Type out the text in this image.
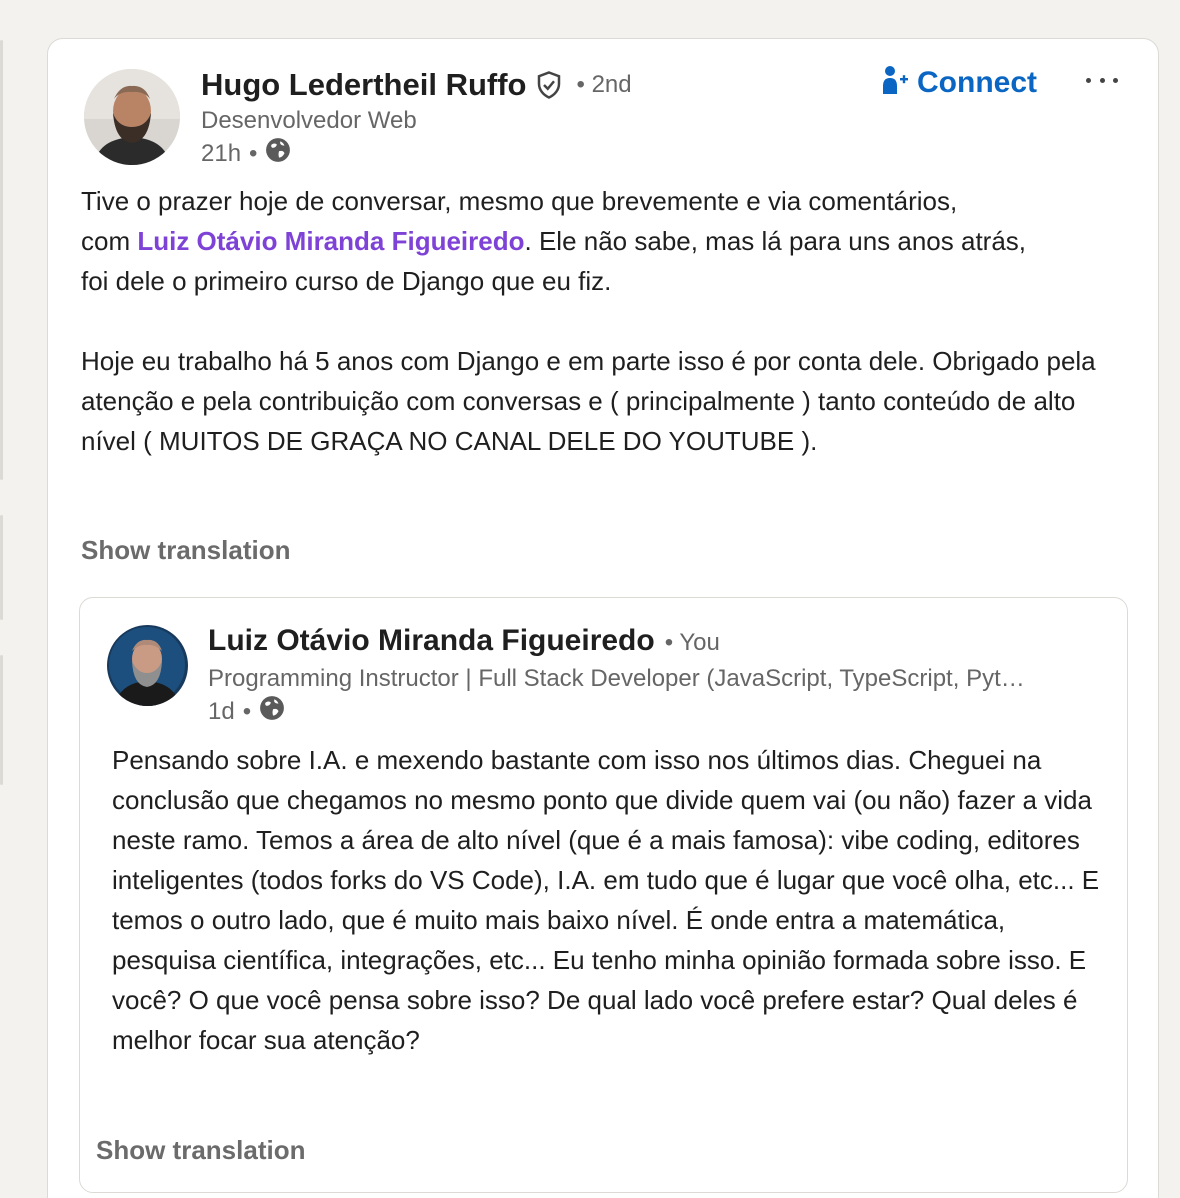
Hugo Ledertheil Ruffo • 2nd
Desenvolvedor Web
21h •
Connect

Tive o prazer hoje de conversar, mesmo que brevemente e via comentários,

com Luiz Otávio Miranda Figueiredo. Ele não sabe, mas lá para uns anos atrás,

foi dele o primeiro curso de Django que eu fiz.

Hoje eu trabalho há 5 anos com Django e em parte isso é por conta dele. Obrigado pela atenção e pela contribuição com conversas e ( principalmente ) tanto conteúdo de alto nível ( MUITOS DE GRAÇA NO CANAL DELE DO YOUTUBE ).

Show translation
Luiz Otávio Miranda Figueiredo • You
Programming Instructor | Full Stack Developer (JavaScript, TypeScript, Pyt…
1d •
Pensando sobre I.A. e mexendo bastante com isso nos últimos dias. Cheguei na conclusão que chegamos no mesmo ponto que divide quem vai (ou não) fazer a vida neste ramo. Temos a área de alto nível (que é a mais famosa): vibe coding, editores inteligentes (todos forks do VS Code), I.A. em tudo que é lugar que você olha, etc... E temos o outro lado, que é muito mais baixo nível. É onde entra a matemática, pesquisa científica, integrações, etc... Eu tenho minha opinião formada sobre isso. E você? O que você pensa sobre isso? De qual lado você prefere estar? Qual deles é melhor focar sua atenção?
Show translation
